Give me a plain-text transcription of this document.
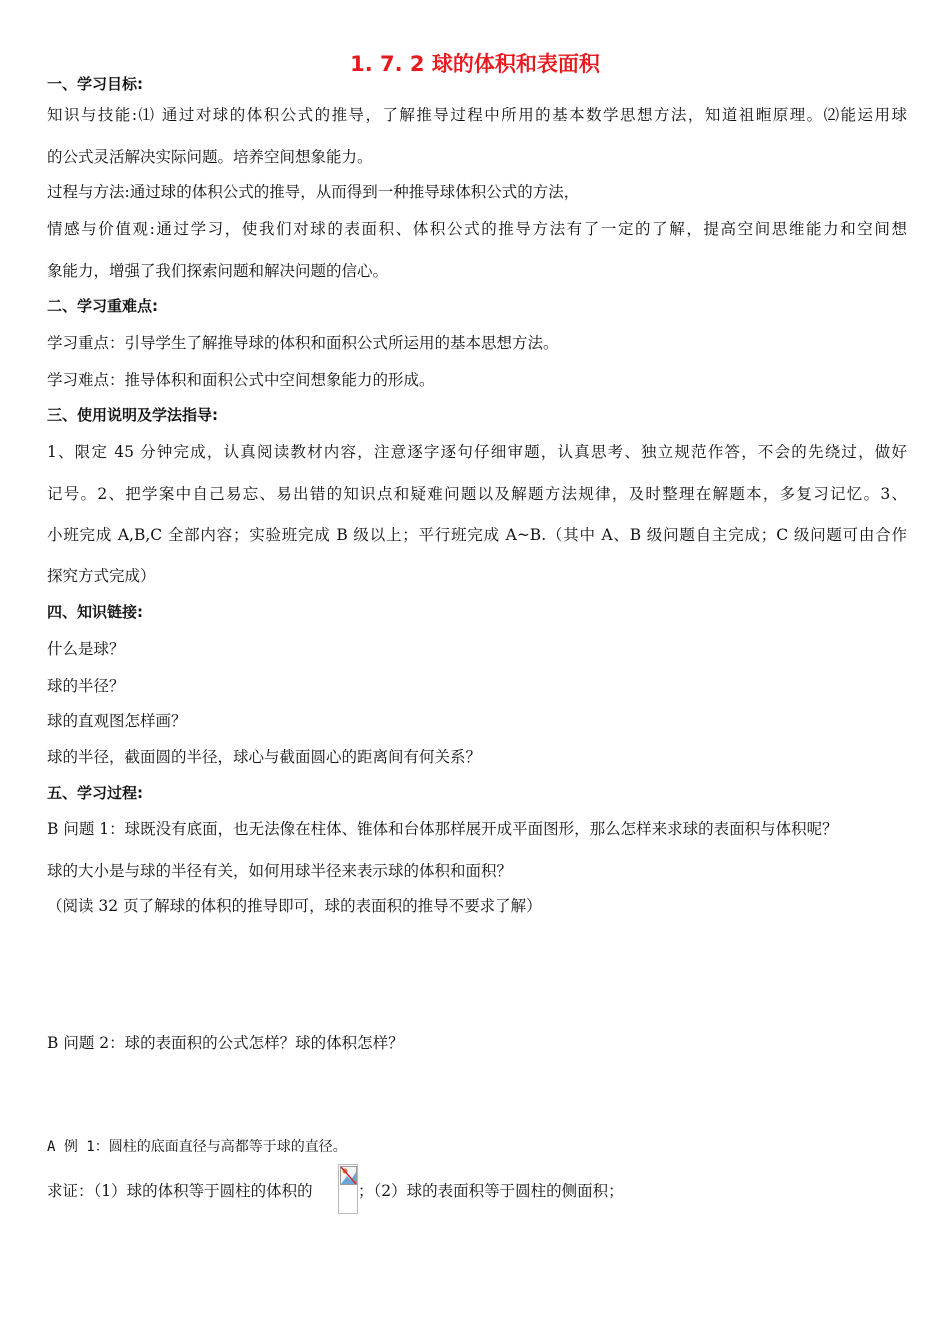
1. 7. 2 球的体积和表面积
一、学习目标:
知识与技能:⑴ 通过对球的体积公式的推导，了解推导过程中所用的基本数学思想方法，知道祖暅原理。⑵能运用球
的公式灵活解决实际问题。培养空间想象能力。
过程与方法:通过球的体积公式的推导，从而得到一种推导球体积公式的方法，
情感与价值观:通过学习，使我们对球的表面积、体积公式的推导方法有了一定的了解，提高空间思维能力和空间想
象能力，增强了我们探索问题和解决问题的信心。
二、学习重难点:
学习重点：引导学生了解推导球的体积和面积公式所运用的基本思想方法。
学习难点：推导体积和面积公式中空间想象能力的形成。
三、使用说明及学法指导:
1、限定 45 分钟完成，认真阅读教材内容，注意逐字逐句仔细审题，认真思考、独立规范作答，不会的先绕过，做好
记号。2、把学案中自己易忘、易出错的知识点和疑难问题以及解题方法规律，及时整理在解题本，多复习记忆。3、
小班完成 A,B,C 全部内容；实验班完成 B 级以上；平行班完成 A~B.（其中 A、B 级问题自主完成；C 级问题可由合作
探究方式完成）
四、知识链接:
什么是球？
球的半径？
球的直观图怎样画？
球的半径，截面圆的半径，球心与截面圆心的距离间有何关系？
五、学习过程:
B 问题 1：球既没有底面，也无法像在柱体、锥体和台体那样展开成平面图形，那么怎样来求球的表面积与体积呢？
球的大小是与球的半径有关，如何用球半径来表示球的体积和面积？
（阅读 32 页了解球的体积的推导即可，球的表面积的推导不要求了解）
B 问题 2：球的表面积的公式怎样？球的体积怎样？
A 例 1：圆柱的底面直径与高都等于球的直径。
求证：（1）球的体积等于圆柱的体积的	；（2）球的表面积等于圆柱的侧面积；
